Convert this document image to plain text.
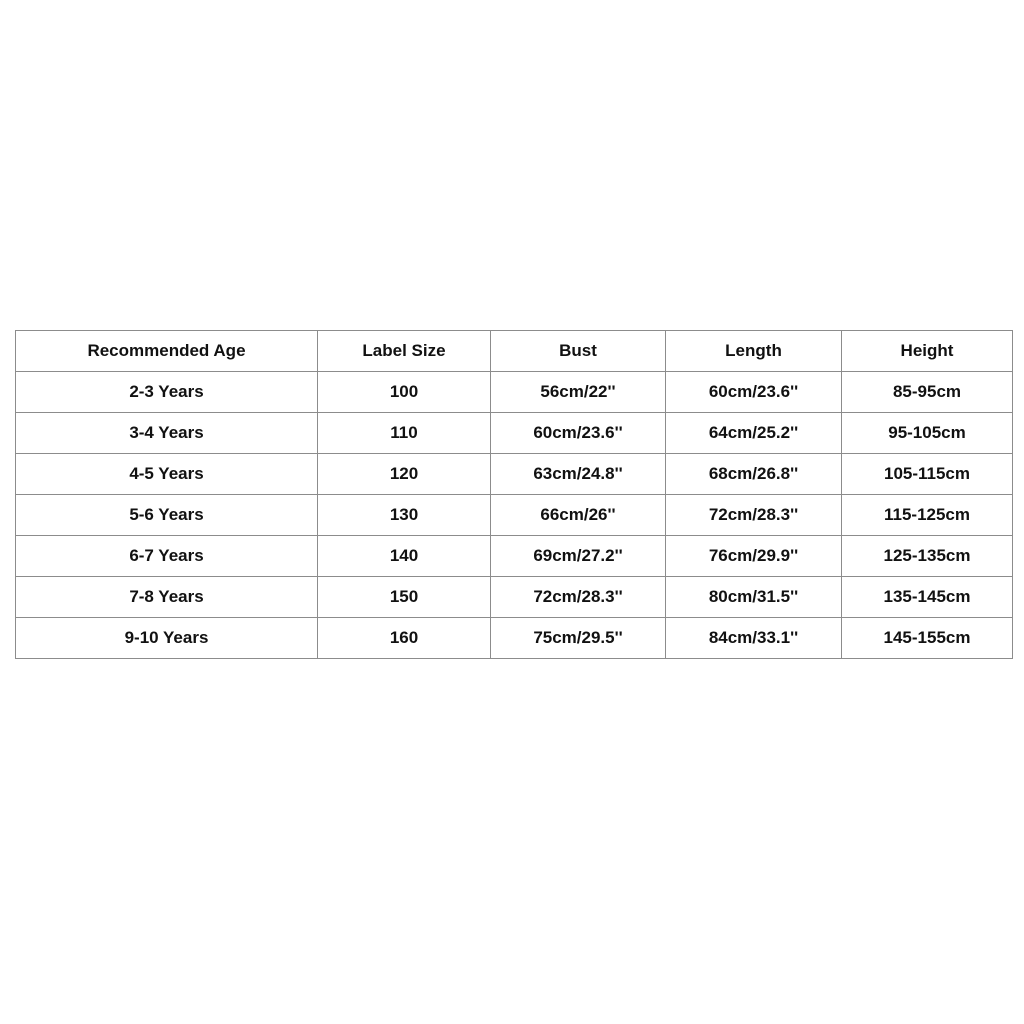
Recommended Age	Label Size	Bust	Length	Height
2-3 Years	100	56cm/22''	60cm/23.6''	85-95cm
3-4 Years	110	60cm/23.6''	64cm/25.2''	95-105cm
4-5 Years	120	63cm/24.8''	68cm/26.8''	105-115cm
5-6 Years	130	66cm/26''	72cm/28.3''	115-125cm
6-7 Years	140	69cm/27.2''	76cm/29.9''	125-135cm
7-8 Years	150	72cm/28.3''	80cm/31.5''	135-145cm
9-10 Years	160	75cm/29.5''	84cm/33.1''	145-155cm
